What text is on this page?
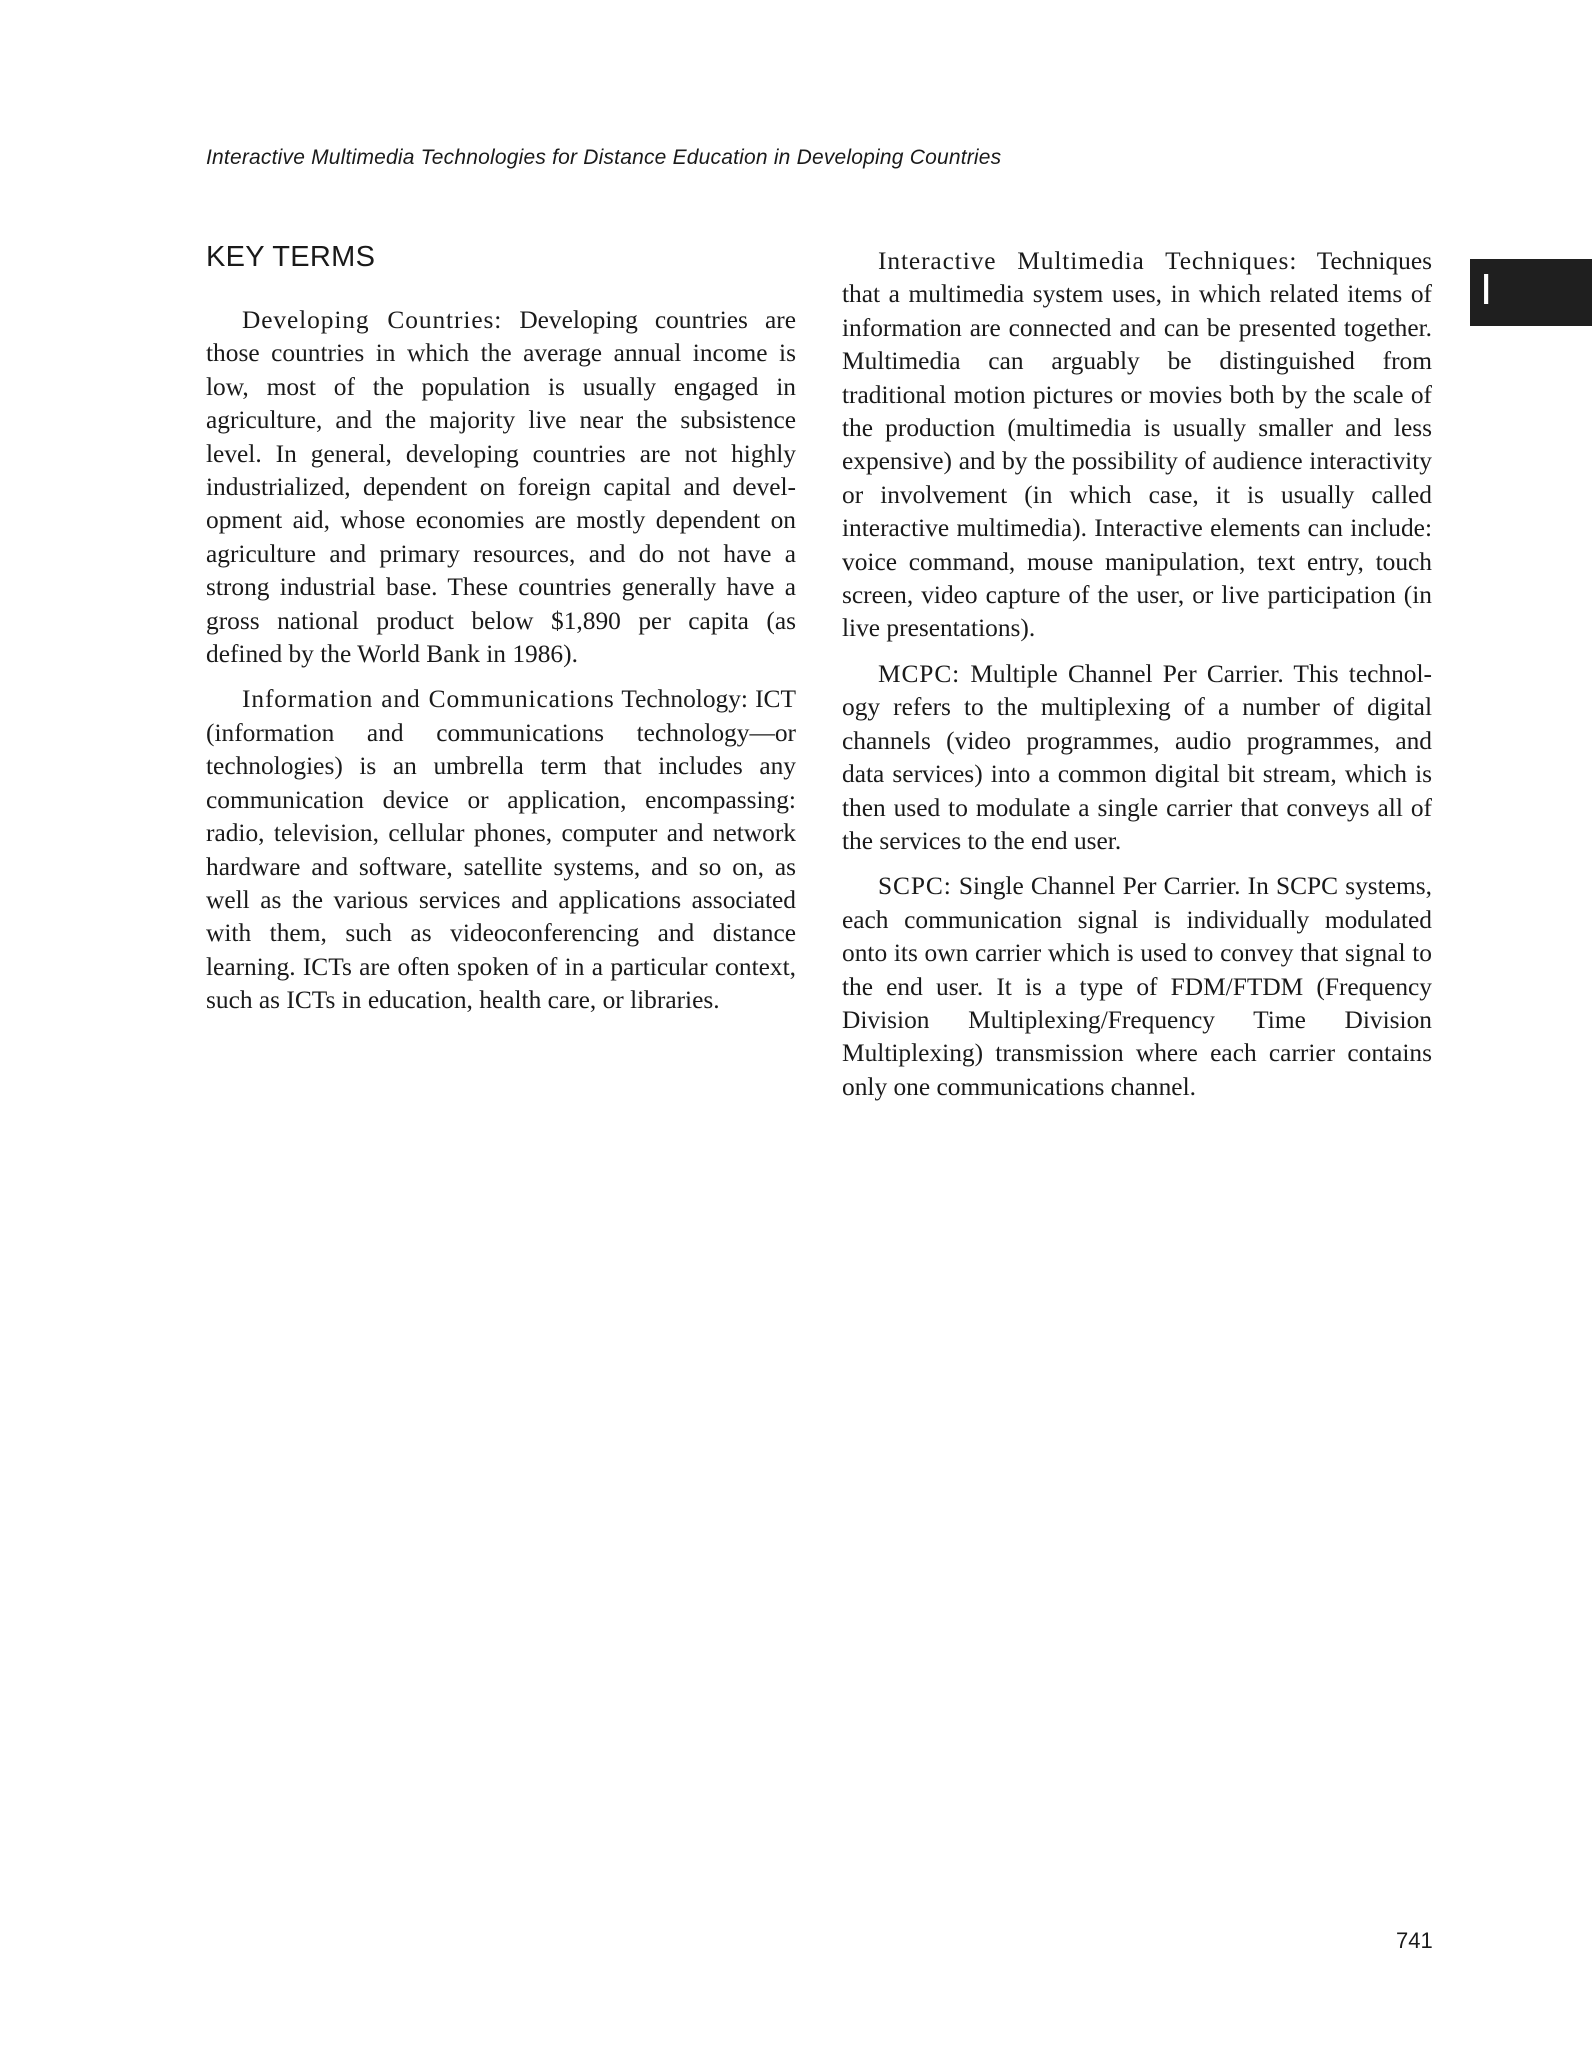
Interactive Multimedia Technologies for Distance Education in Developing Countries
KEY TERMS

Developing Countries: Developing countries are those countries in which the average annual income is low, most of the population is usually engaged in agriculture, and the majority live near the subsistence level. In general, developing countries are not highly industrialized, dependent on foreign capital and development aid, whose economies are mostly dependent on agriculture and primary resources, and do not have a strong industrial base. These countries generally have a gross national product below $1,890 per capita (as defined by the World Bank in 1986).

Information and Communications Technology: ICT (information and communications technology—or technologies) is an umbrella term that includes any communication device or application, encompassing: radio, television, cellular phones, computer and network hardware and software, satellite systems, and so on, as well as the various services and applications associated with them, such as videoconferencing and distance learning. ICTs are often spoken of in a particular context, such as ICTs in education, health care, or libraries.

Interactive Multimedia Techniques: Techniques that a multimedia system uses, in which related items of information are connected and can be presented together. Multimedia can arguably be distinguished from traditional motion pictures or movies both by the scale of the production (multimedia is usually smaller and less expensive) and by the possibility of audience interactivity or involvement (in which case, it is usually called interactive multimedia). Interactive elements can include: voice command, mouse manipulation, text entry, touch screen, video capture of the user, or live participation (in live presentations).

MCPC: Multiple Channel Per Carrier. This technology refers to the multiplexing of a number of digital channels (video programmes, audio programmes, and data services) into a common digital bit stream, which is then used to modulate a single carrier that conveys all of the services to the end user.

SCPC: Single Channel Per Carrier. In SCPC systems, each communication signal is individually modulated onto its own carrier which is used to convey that signal to the end user. It is a type of FDM/FTDM (Frequency Division Multiplexing/Frequency Time Division Multiplexing) transmission where each carrier contains only one communications channel.

I
741
